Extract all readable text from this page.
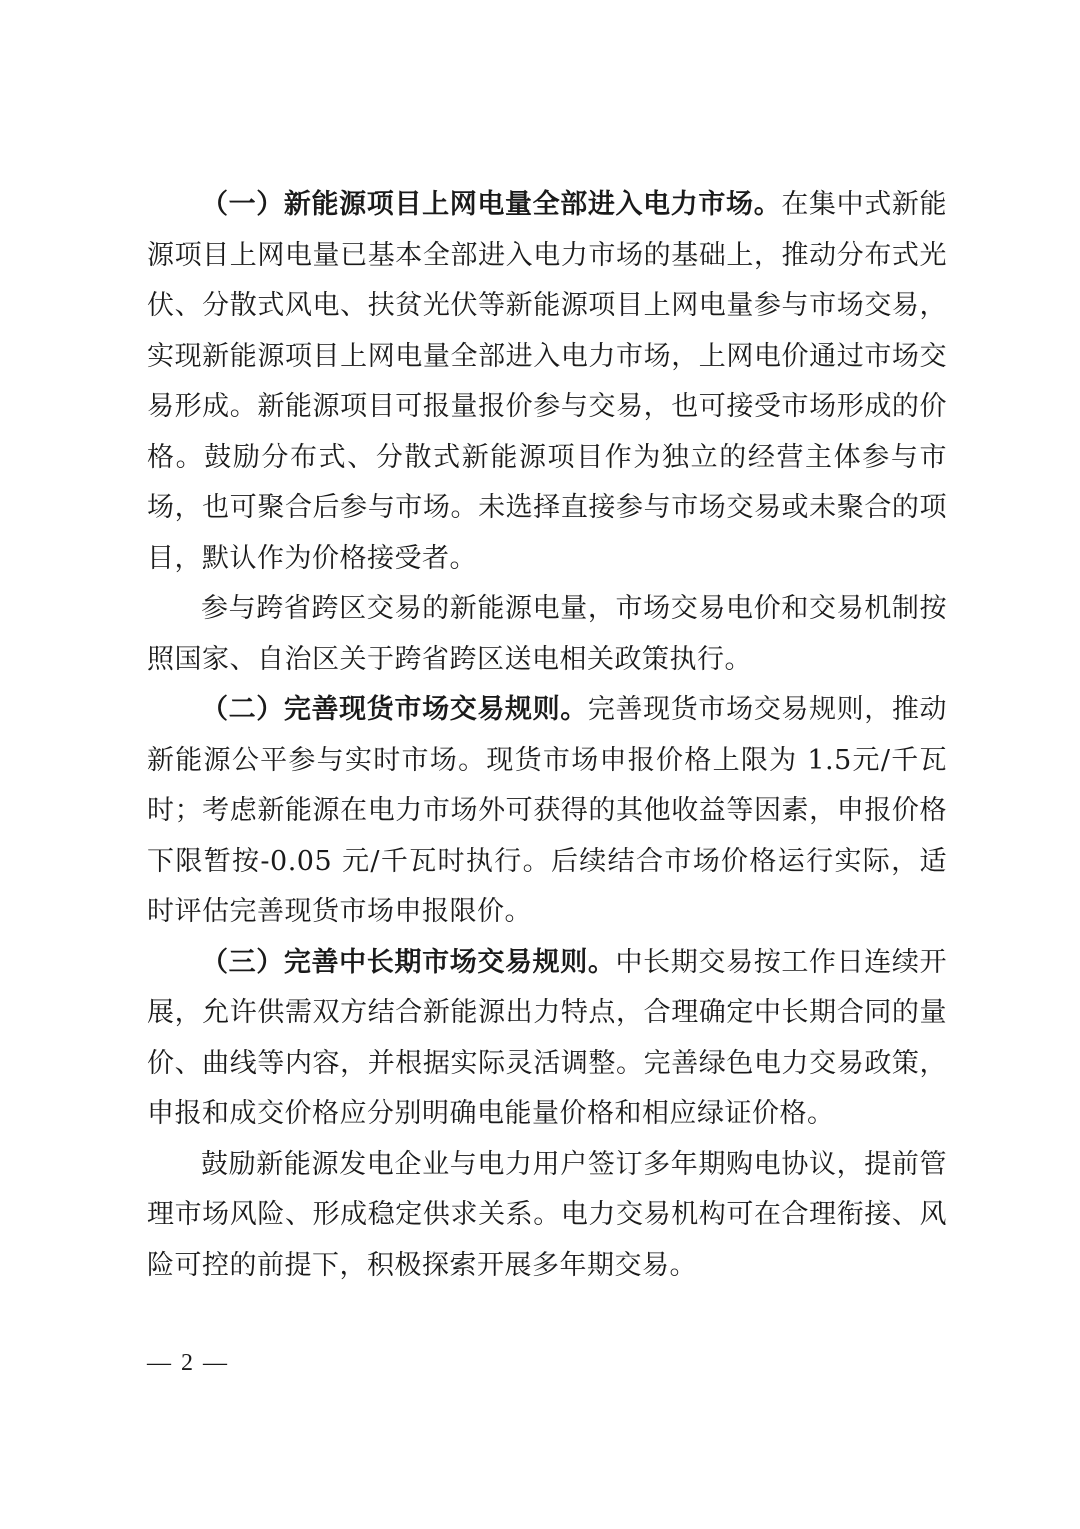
（一）新能源项目上网电量全部进入电力市场。在集中式新能源项目上网电量已基本全部进入电力市场的基础上，推动分布式光伏、分散式风电、扶贫光伏等新能源项目上网电量参与市场交易，实现新能源项目上网电量全部进入电力市场，上网电价通过市场交易形成。新能源项目可报量报价参与交易，也可接受市场形成的价格。鼓励分布式、分散式新能源项目作为独立的经营主体参与市场，也可聚合后参与市场。未选择直接参与市场交易或未聚合的项目，默认作为价格接受者。

参与跨省跨区交易的新能源电量，市场交易电价和交易机制按照国家、自治区关于跨省跨区送电相关政策执行。

（二）完善现货市场交易规则。完善现货市场交易规则，推动新能源公平参与实时市场。现货市场申报价格上限为 1.5元/千瓦时；考虑新能源在电力市场外可获得的其他收益等因素，申报价格下限暂按-0.05 元/千瓦时执行。后续结合市场价格运行实际，适时评估完善现货市场申报限价。

（三）完善中长期市场交易规则。中长期交易按工作日连续开展，允许供需双方结合新能源出力特点，合理确定中长期合同的量价、曲线等内容，并根据实际灵活调整。完善绿色电力交易政策，申报和成交价格应分别明确电能量价格和相应绿证价格。

鼓励新能源发电企业与电力用户签订多年期购电协议，提前管理市场风险、形成稳定供求关系。电力交易机构可在合理衔接、风险可控的前提下，积极探索开展多年期交易。

— 2 —
